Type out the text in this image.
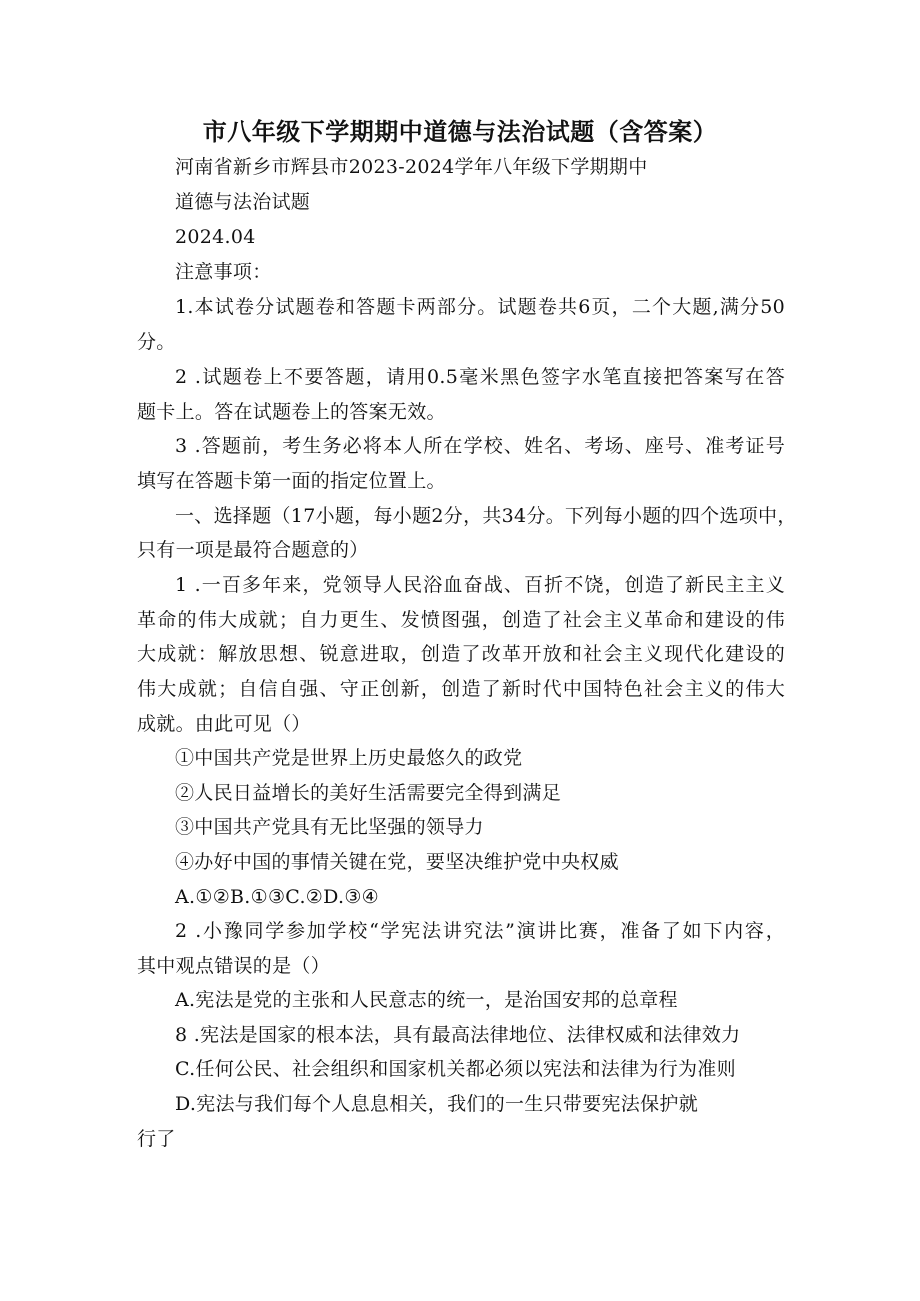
市八年级下学期期中道德与法治试题（含答案）
河南省新乡市辉县市2023-2024学年八年级下学期期中
道德与法治试题
2024.04
注意事项：
1.本试卷分试题卷和答题卡两部分。试题卷共6页，二个大题,满分50
分。
2 .试题卷上不要答题，请用0.5毫米黑色签字水笔直接把答案写在答
题卡上。答在试题卷上的答案无效。
3 .答题前，考生务必将本人所在学校、姓名、考场、座号、准考证号
填写在答题卡第一面的指定位置上。
一、选择题（17小题，每小题2分，共34分。下列每小题的四个选项中，
只有一项是最符合题意的）
1 .一百多年来，党领导人民浴血奋战、百折不饶，创造了新民主主义
革命的伟大成就；自力更生、发愤图强，创造了社会主义革命和建设的伟
大成就：解放思想、锐意进取，创造了改革开放和社会主义现代化建设的
伟大成就；自信自强、守正创新，创造了新时代中国特色社会主义的伟大
成就。由此可见（）
①中国共产党是世界上历史最悠久的政党
②人民日益增长的美好生活需要完全得到满足
③中国共产党具有无比坚强的领导力
④办好中国的事情关键在党，要坚决维护党中央权威
A.①②B.①③C.②D.③④
2 .小豫同学参加学校“学宪法讲究法”演讲比赛，准备了如下内容，
其中观点错误的是（）
A.宪法是党的主张和人民意志的统一，是治国安邦的总章程
8 .宪法是国家的根本法，具有最高法律地位、法律权威和法律效力
C.任何公民、社会组织和国家机关都必须以宪法和法律为行为准则
D.宪法与我们每个人息息相关，我们的一生只带要宪法保护就
行了
